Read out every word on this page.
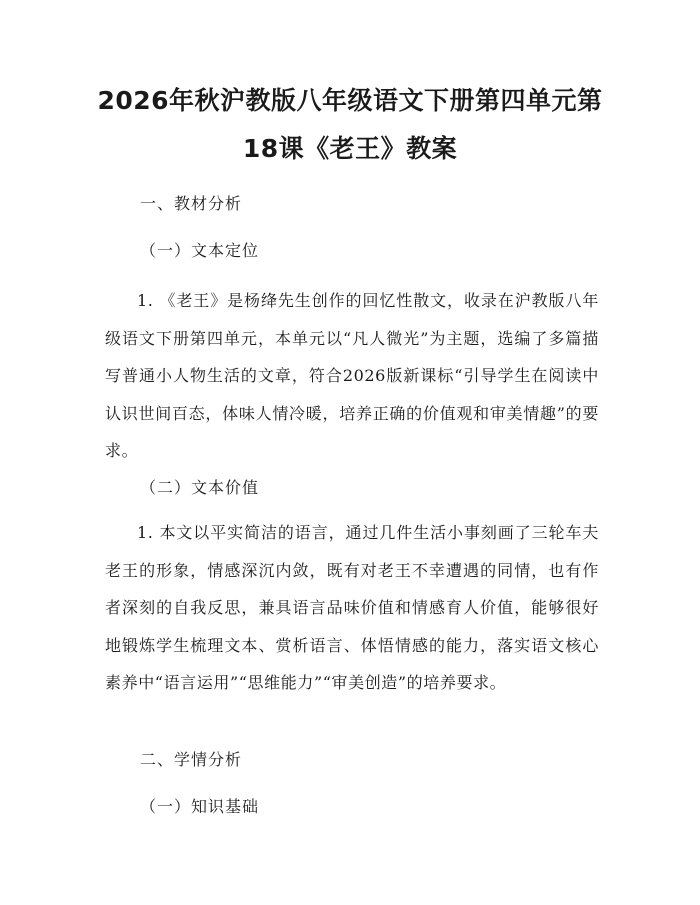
2026年秋沪教版八年级语文下册第四单元第
18课《老王》教案
一、教材分析
（一）文本定位
1. 《老王》是杨绛先生创作的回忆性散文，收录在沪教版八年级语文下册第四单元，本单元以“凡人微光”为主题，选编了多篇描写普通小人物生活的文章，符合2026版新课标“引导学生在阅读中认识世间百态，体味人情冷暖，培养正确的价值观和审美情趣”的要求。
（二）文本价值
1. 本文以平实简洁的语言，通过几件生活小事刻画了三轮车夫老王的形象，情感深沉内敛，既有对老王不幸遭遇的同情，也有作者深刻的自我反思，兼具语言品味价值和情感育人价值，能够很好地锻炼学生梳理文本、赏析语言、体悟情感的能力，落实语文核心素养中“语言运用”“思维能力”“审美创造”的培养要求。
二、学情分析
（一）知识基础
